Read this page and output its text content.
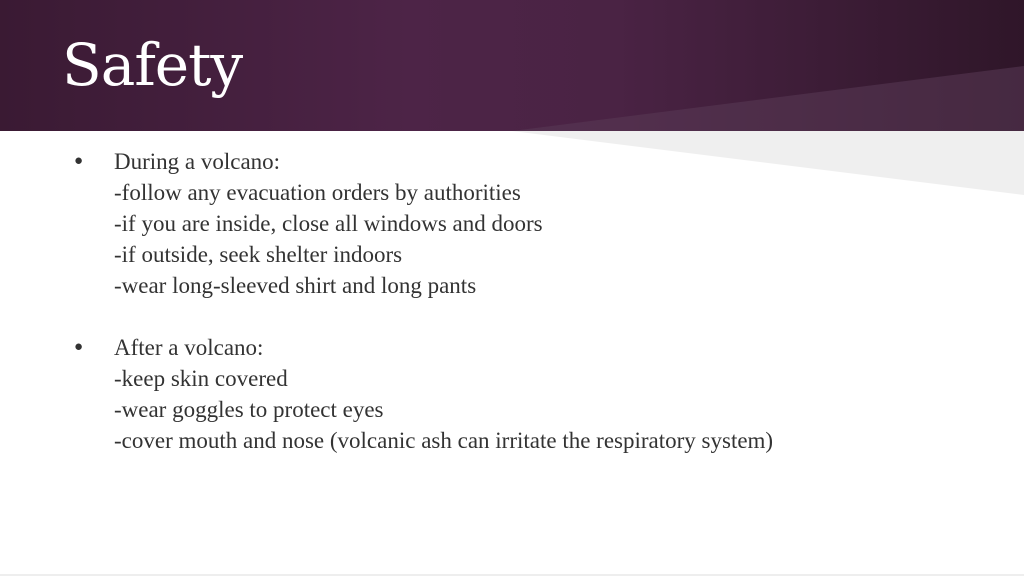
Safety
● During a volcano:
-follow any evacuation orders by authorities
-if you are inside, close all windows and doors
-if outside, seek shelter indoors
-wear long-sleeved shirt and long pants
● After a volcano:
-keep skin covered
-wear goggles to protect eyes
-cover mouth and nose (volcanic ash can irritate the respiratory system)
